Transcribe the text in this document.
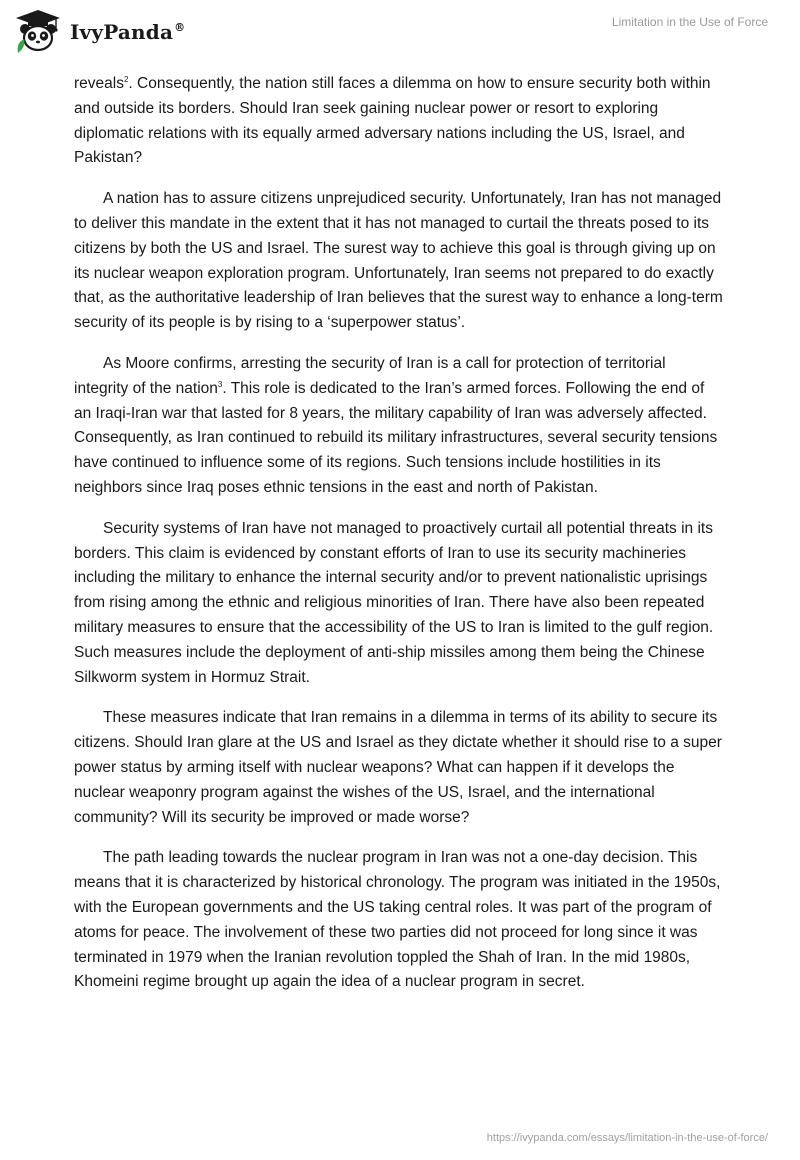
IvyPanda®	Limitation in the Use of Force

reveals$^2$. Consequently, the nation still faces a dilemma on how to ensure security both within and outside its borders. Should Iran seek gaining nuclear power or resort to exploring diplomatic relations with its equally armed adversary nations including the US, Israel, and Pakistan?

A nation has to assure citizens unprejudiced security. Unfortunately, Iran has not managed to deliver this mandate in the extent that it has not managed to curtail the threats posed to its citizens by both the US and Israel. The surest way to achieve this goal is through giving up on its nuclear weapon exploration program. Unfortunately, Iran seems not prepared to do exactly that, as the authoritative leadership of Iran believes that the surest way to enhance a long-term security of its people is by rising to a ‘superpower status’.

As Moore confirms, arresting the security of Iran is a call for protection of territorial integrity of the nation$^3$. This role is dedicated to the Iran’s armed forces. Following the end of an Iraqi-Iran war that lasted for 8 years, the military capability of Iran was adversely affected. Consequently, as Iran continued to rebuild its military infrastructures, several security tensions have continued to influence some of its regions. Such tensions include hostilities in its neighbors since Iraq poses ethnic tensions in the east and north of Pakistan.

Security systems of Iran have not managed to proactively curtail all potential threats in its borders. This claim is evidenced by constant efforts of Iran to use its security machineries including the military to enhance the internal security and/or to prevent nationalistic uprisings from rising among the ethnic and religious minorities of Iran. There have also been repeated military measures to ensure that the accessibility of the US to Iran is limited to the gulf region. Such measures include the deployment of anti-ship missiles among them being the Chinese Silkworm system in Hormuz Strait.

These measures indicate that Iran remains in a dilemma in terms of its ability to secure its citizens. Should Iran glare at the US and Israel as they dictate whether it should rise to a super power status by arming itself with nuclear weapons? What can happen if it develops the nuclear weaponry program against the wishes of the US, Israel, and the international community? Will its security be improved or made worse?

The path leading towards the nuclear program in Iran was not a one-day decision. This means that it is characterized by historical chronology. The program was initiated in the 1950s, with the European governments and the US taking central roles. It was part of the program of atoms for peace. The involvement of these two parties did not proceed for long since it was terminated in 1979 when the Iranian revolution toppled the Shah of Iran. In the mid 1980s, Khomeini regime brought up again the idea of a nuclear program in secret.

https://ivypanda.com/essays/limitation-in-the-use-of-force/
